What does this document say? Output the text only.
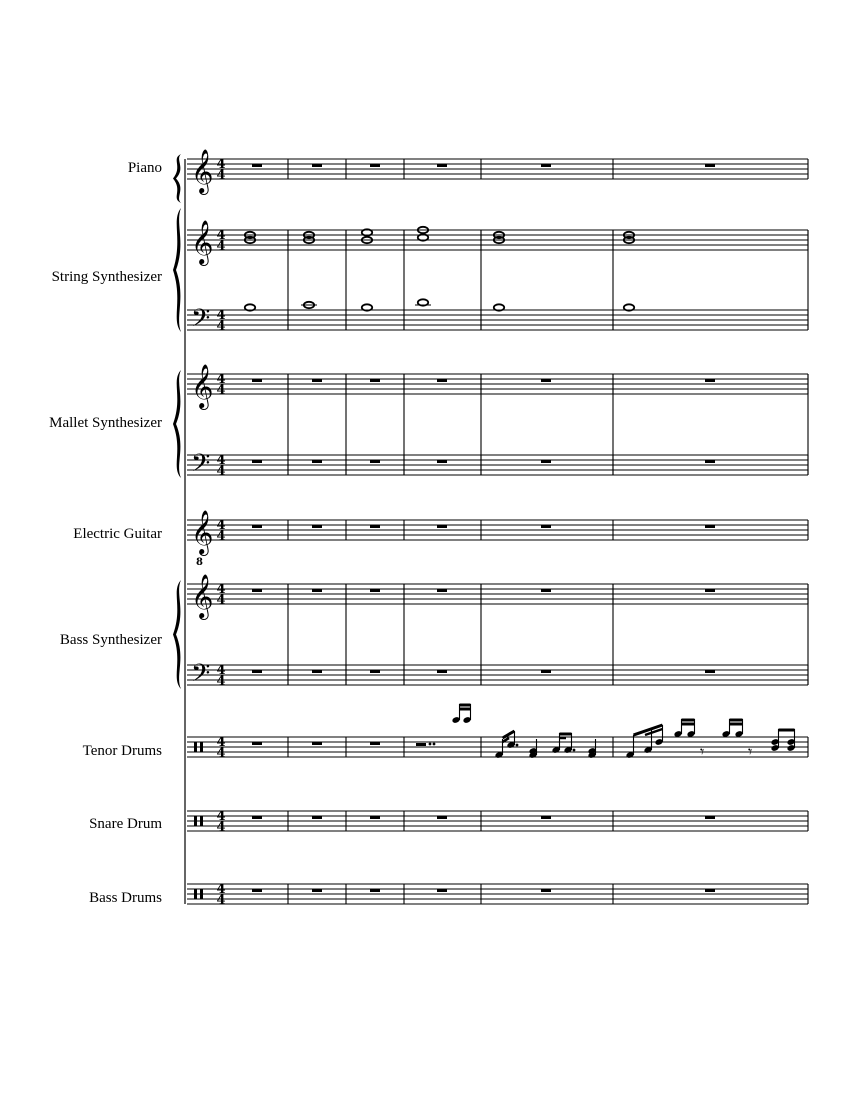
Piano
String Synthesizer
Mallet Synthesizer
Electric Guitar
Bass Synthesizer
Tenor Drums
Snare Drum
Bass Drums
𝄞
𝄞
𝄢
𝄞
𝄢
𝄞
8
𝄞
𝄢
4
4
4
4
4
4
4
4
4
4
4
4
4
4
4
4
4
4
4
4
4
4
𝄾	𝄾
